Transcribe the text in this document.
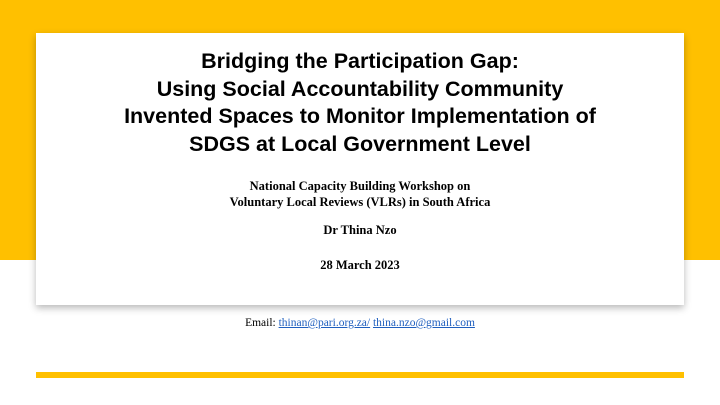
Bridging the Participation Gap:
Using Social Accountability Community
Invented Spaces to Monitor Implementation of
SDGS at Local Government Level
National Capacity Building Workshop on
Voluntary Local Reviews (VLRs) in South Africa
Dr Thina Nzo
28 March 2023
Email: thinan@pari.org.za/ thina.nzo@gmail.com
